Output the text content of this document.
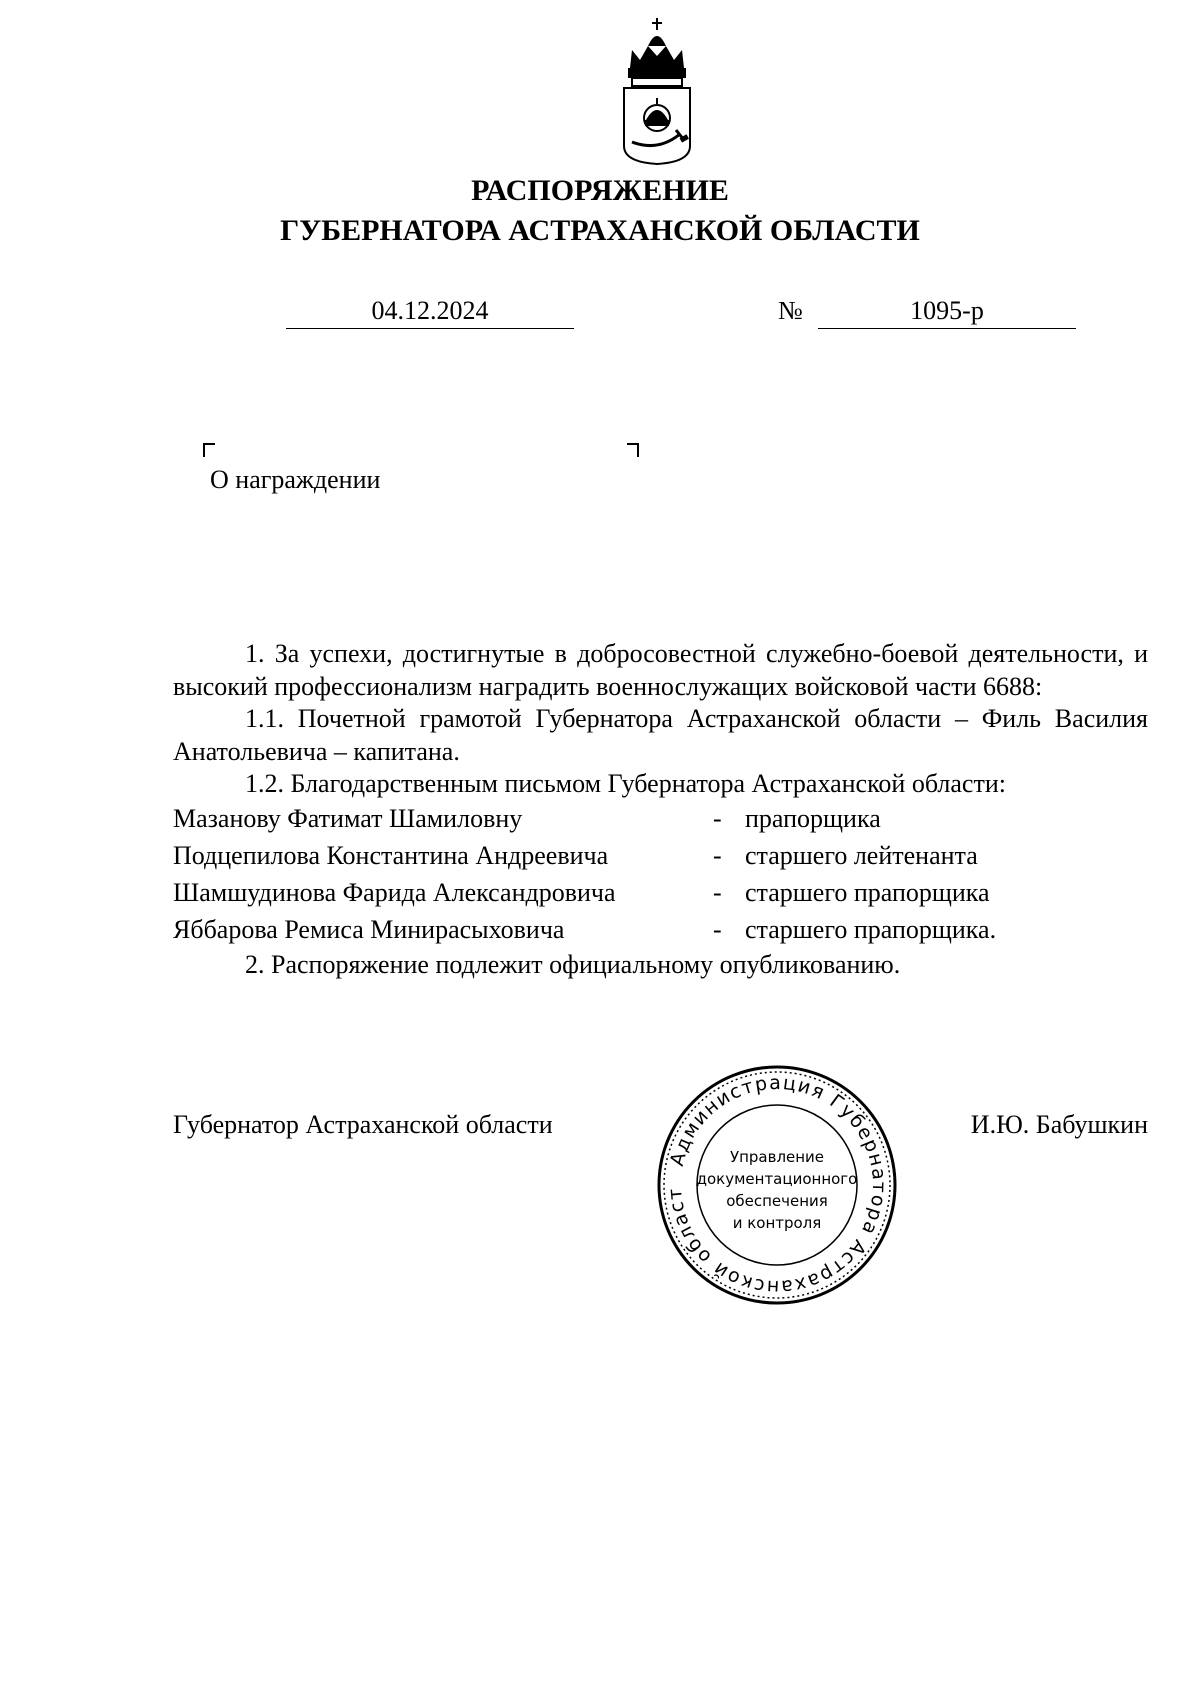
РАСПОРЯЖЕНИЕ
ГУБЕРНАТОРА АСТРАХАНСКОЙ ОБЛАСТИ
04.12.2024	№	1095-р
О награждении

1. За успехи, достигнутые в добросовестной служебно-боевой деятельности, и высокий профессионализм наградить военнослужащих войсковой части 6688:

1.1. Почетной грамотой Губернатора Астраханской области – Филь Василия Анатольевича – капитана.

1.2. Благодарственным письмом Губернатора Астраханской области:

Мазанову Фатимат Шамиловну	- прапорщика
Подцепилова Константина Андреевича	- старшего лейтенанта
Шамшудинова Фарида Александровича	- старшего прапорщика
Яббарова Ремиса Минирасыховича	- старшего прапорщика.

2. Распоряжение подлежит официальному опубликованию.

Губернатор Астраханской области	И.Ю. Бабушкин
Администрация Губернатора Астраханской област
Управление
документационного
обеспечения
и контроля
